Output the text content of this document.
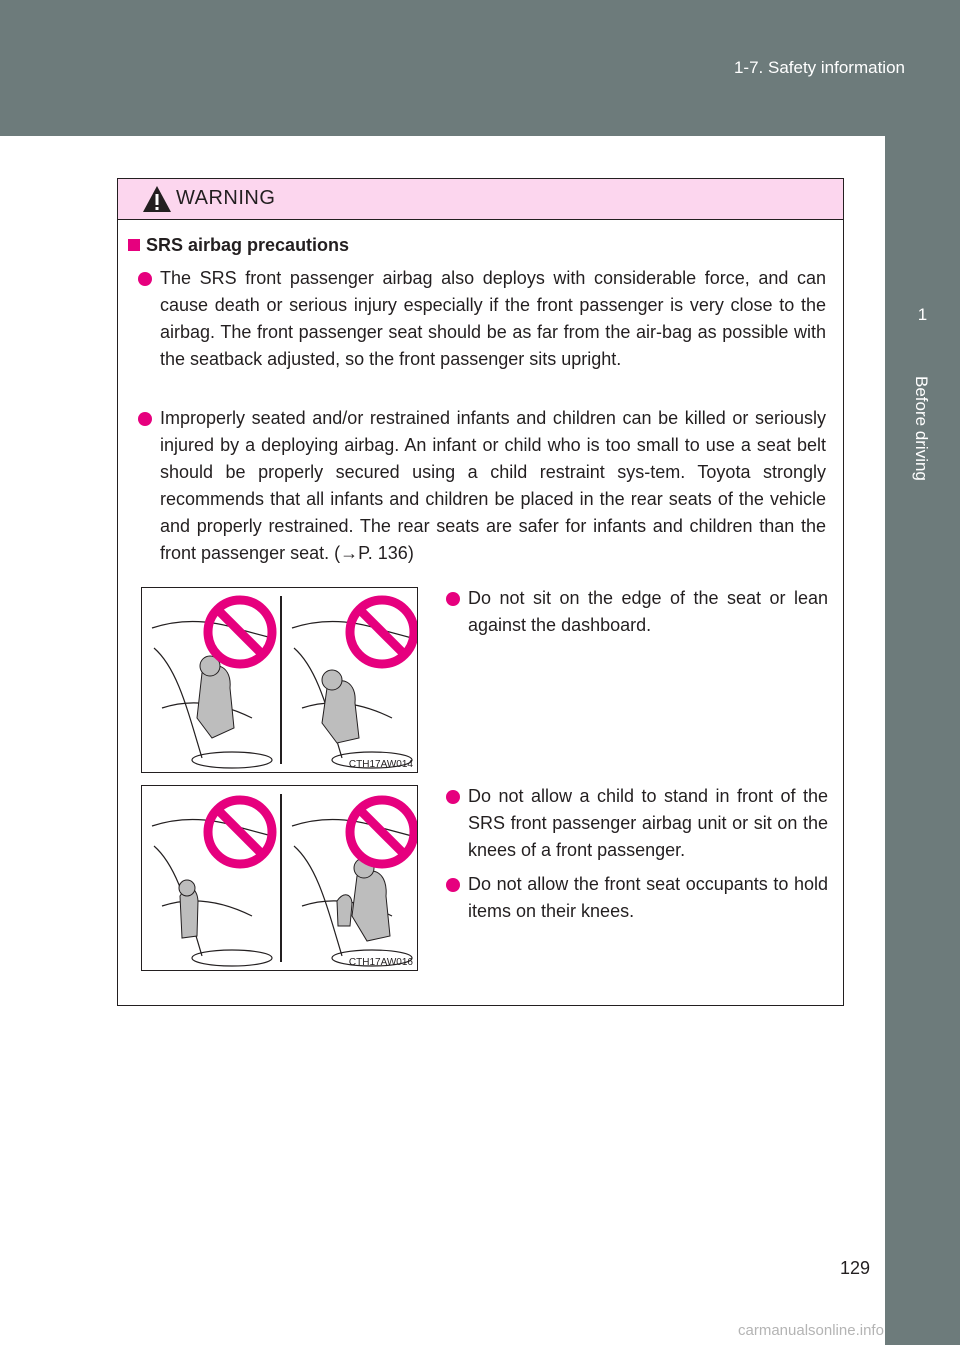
1-7. Safety information
1
Before driving
WARNING
SRS airbag precautions
The SRS front passenger airbag also deploys with considerable force, and can cause death or serious injury especially if the front passenger is very close to the airbag. The front passenger seat should be as far from the air-bag as possible with the seatback adjusted, so the front passenger sits upright.
Improperly seated and/or restrained infants and children can be killed or seriously injured by a deploying airbag. An infant or child who is too small to use a seat belt should be properly secured using a child restraint sys-tem. Toyota strongly recommends that all infants and children be placed in the rear seats of the vehicle and properly restrained. The rear seats are safer for infants and children than the front passenger seat. (→P. 136)
CTH17AW014
Do not sit on the edge of the seat or lean against the dashboard.
CTH17AW016
Do not allow a child to stand in front of the SRS front passenger airbag unit or sit on the knees of a front passenger.
Do not allow the front seat occupants to hold items on their knees.
129
carmanualsonline.info
